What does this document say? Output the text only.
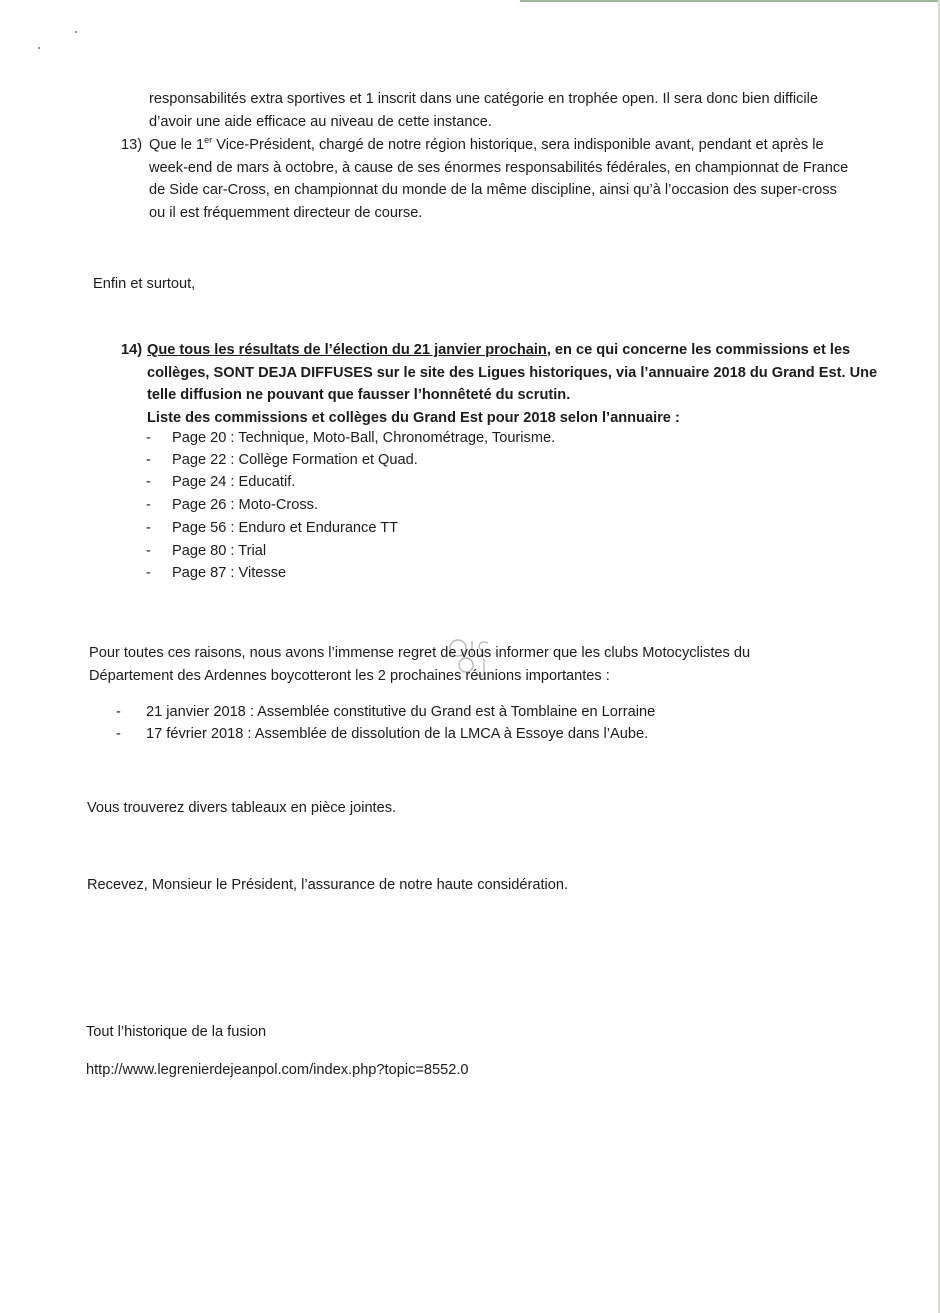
responsabilités extra sportives et 1 inscrit dans une catégorie en trophée open. Il sera donc bien difficile
d’avoir une aide efficace au niveau de cette instance.
13) Que le 1er Vice-Président, chargé de notre région historique, sera indisponible avant, pendant et après le
week-end de mars à octobre, à cause de ses énormes responsabilités fédérales, en championnat de France
de Side car-Cross, en championnat du monde de la même discipline, ainsi qu’à l’occasion des super-cross
ou il est fréquemment directeur de course.
Enfin et surtout,
14) Que tous les résultats de l’élection du 21 janvier prochain, en ce qui concerne les commissions et les
collèges, SONT DEJA DIFFUSES sur le site des Ligues historiques, via l’annuaire 2018 du Grand Est. Une
telle diffusion ne pouvant que fausser l’honnêteté du scrutin.
Liste des commissions et collèges du Grand Est pour 2018 selon l’annuaire :
- Page 20 : Technique, Moto-Ball, Chronométrage, Tourisme.
- Page 22 : Collège Formation et Quad.
- Page 24 : Educatif.
- Page 26 : Moto-Cross.
- Page 56 : Enduro et Endurance TT
- Page 80 : Trial
- Page 87 : Vitesse
Pour toutes ces raisons, nous avons l’immense regret de vous informer que les clubs Motocyclistes du
Département des Ardennes boycotteront les 2 prochaines réunions importantes :
- 21 janvier 2018 : Assemblée constitutive du Grand est à Tomblaine en Lorraine
- 17 février 2018 : Assemblée de dissolution de la LMCA à Essoye dans l’Aube.
Vous trouverez divers tableaux en pièce jointes.
Recevez, Monsieur le Président, l’assurance de notre haute considération.
Tout l’historique de la fusion
http://www.legrenierdejeanpol.com/index.php?topic=8552.0
